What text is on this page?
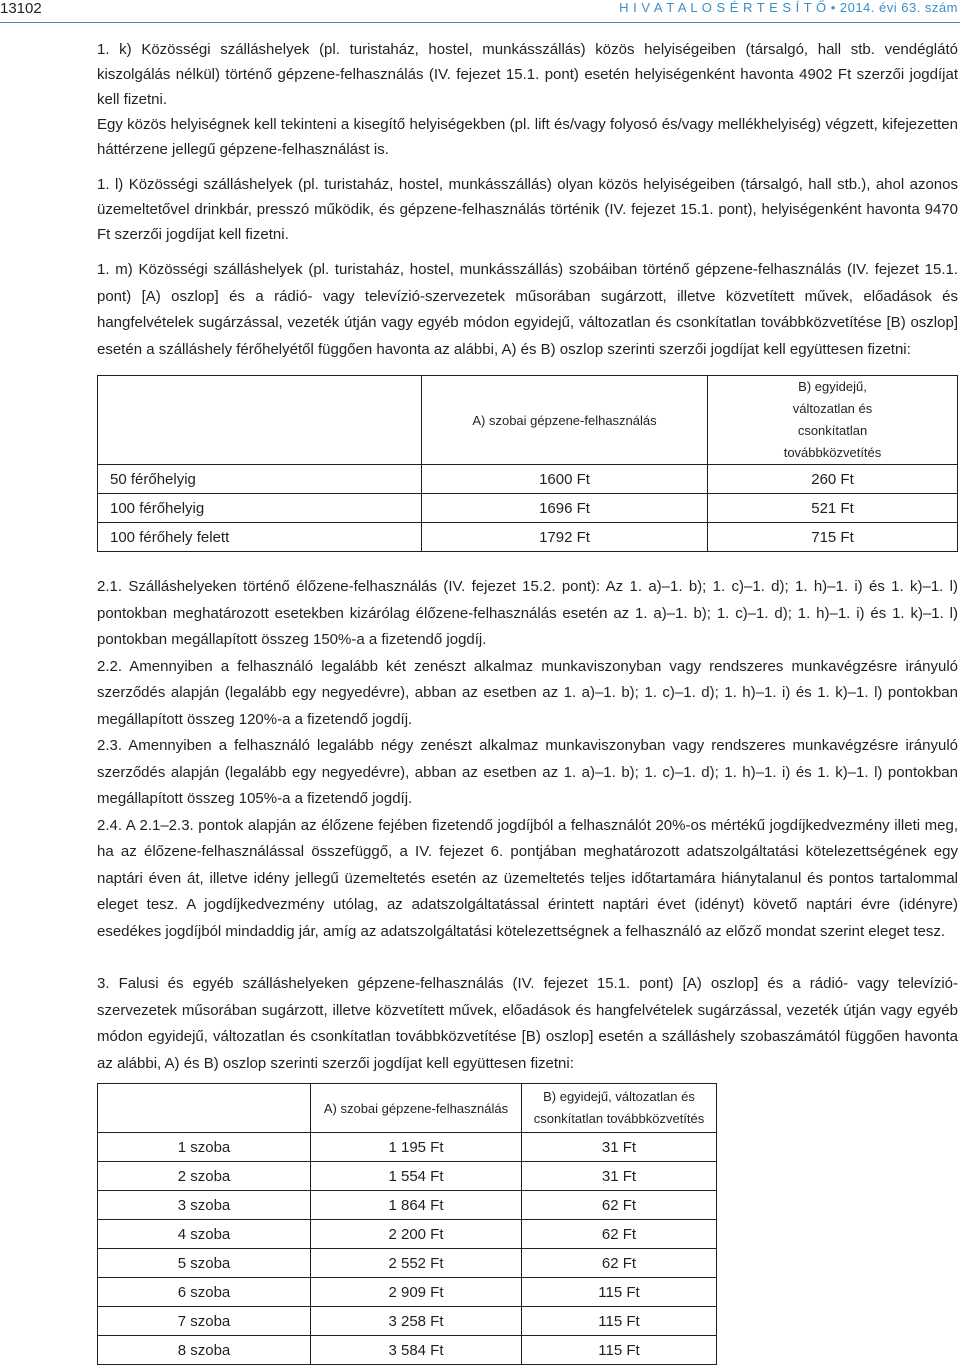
13102	H I V A T A L O S É R T E S Í T Ő • 2014. évi 63. szám

1. k) Közösségi szálláshelyek (pl. turistaház, hostel, munkásszállás) közös helyiségeiben (társalgó, hall stb. vendéglátó kiszolgálás nélkül) történő gépzene-felhasználás (IV. fejezet 15.1. pont) esetén helyiségenként havonta 4902 Ft szerzői jogdíjat kell fizetni.

Egy közös helyiségnek kell tekinteni a kisegítő helyiségekben (pl. lift és/vagy folyosó és/vagy mellékhelyiség) végzett, kifejezetten háttérzene jellegű gépzene-felhasználást is.

1. l) Közösségi szálláshelyek (pl. turistaház, hostel, munkásszállás) olyan közös helyiségeiben (társalgó, hall stb.), ahol azonos üzemeltetővel drinkbár, presszó működik, és gépzene-felhasználás történik (IV. fejezet 15.1. pont), helyiségenként havonta 9470 Ft szerzői jogdíjat kell fizetni.

1. m) Közösségi szálláshelyek (pl. turistaház, hostel, munkásszállás) szobáiban történő gépzene-felhasználás (IV. fejezet 15.1. pont) [A) oszlop] és a rádió- vagy televízió-szervezetek műsorában sugárzott, illetve közvetített művek, előadások és hangfelvételek sugárzással, vezeték útján vagy egyéb módon egyidejű, változatlan és csonkítatlan továbbközvetítése [B) oszlop] esetén a szálláshely férőhelyétől függően havonta az alábbi, A) és B) oszlop szerinti szerzői jogdíjat kell együttesen fizetni:

	A) szobai gépzene-felhasználás	B) egyidejű, változatlan és csonkítatlan továbbközvetítés

50 férőhelyig	1600 Ft	260 Ft
100 férőhelyig	1696 Ft	521 Ft
100 férőhely felett	1792 Ft	715 Ft

2.1. Szálláshelyeken történő élőzene-felhasználás (IV. fejezet 15.2. pont): Az 1. a)–1. b); 1. c)–1. d); 1. h)–1. i) és 1. k)–1. l) pontokban meghatározott esetekben kizárólag élőzene-felhasználás esetén az 1. a)–1. b); 1. c)–1. d); 1. h)–1. i) és 1. k)–1. l) pontokban megállapított összeg 150%-a a fizetendő jogdíj.

2.2. Amennyiben a felhasználó legalább két zenészt alkalmaz munkaviszonyban vagy rendszeres munkavégzésre irányuló szerződés alapján (legalább egy negyedévre), abban az esetben az 1. a)–1. b); 1. c)–1. d); 1. h)–1. i) és 1. k)–1. l) pontokban megállapított összeg 120%-a a fizetendő jogdíj.

2.3. Amennyiben a felhasználó legalább négy zenészt alkalmaz munkaviszonyban vagy rendszeres munkavégzésre irányuló szerződés alapján (legalább egy negyedévre), abban az esetben az 1. a)–1. b); 1. c)–1. d); 1. h)–1. i) és 1. k)–1. l) pontokban megállapított összeg 105%-a a fizetendő jogdíj.

2.4. A 2.1–2.3. pontok alapján az élőzene fejében fizetendő jogdíjból a felhasználót 20%-os mértékű jogdíjkedvezmény illeti meg, ha az élőzene-felhasználással összefüggő, a IV. fejezet 6. pontjában meghatározott adatszolgáltatási kötelezettségének egy naptári éven át, illetve idény jellegű üzemeltetés esetén az üzemeltetés teljes időtartamára hiánytalanul és pontos tartalommal eleget tesz. A jogdíjkedvezmény utólag, az adatszolgáltatással érintett naptári évet (idényt) követő naptári évre (idényre) esedékes jogdíjból mindaddig jár, amíg az adatszolgáltatási kötelezettségnek a felhasználó az előző mondat szerint eleget tesz.

3. Falusi és egyéb szálláshelyeken gépzene-felhasználás (IV. fejezet 15.1. pont) [A) oszlop] és a rádió- vagy televízió-szervezetek műsorában sugárzott, illetve közvetített művek, előadások és hangfelvételek sugárzással, vezeték útján vagy egyéb módon egyidejű, változatlan és csonkítatlan továbbközvetítése [B) oszlop] esetén a szálláshely szobaszámától függően havonta az alábbi, A) és B) oszlop szerinti szerzői jogdíjat kell együttesen fizetni:

	A) szobai gépzene-felhasználás	B) egyidejű, változatlan és csonkítatlan továbbközvetítés

1 szoba	1 195 Ft	31 Ft
2 szoba	1 554 Ft	31 Ft
3 szoba	1 864 Ft	62 Ft
4 szoba	2 200 Ft	62 Ft
5 szoba	2 552 Ft	62 Ft
6 szoba	2 909 Ft	115 Ft
7 szoba	3 258 Ft	115 Ft
8 szoba	3 584 Ft	115 Ft
